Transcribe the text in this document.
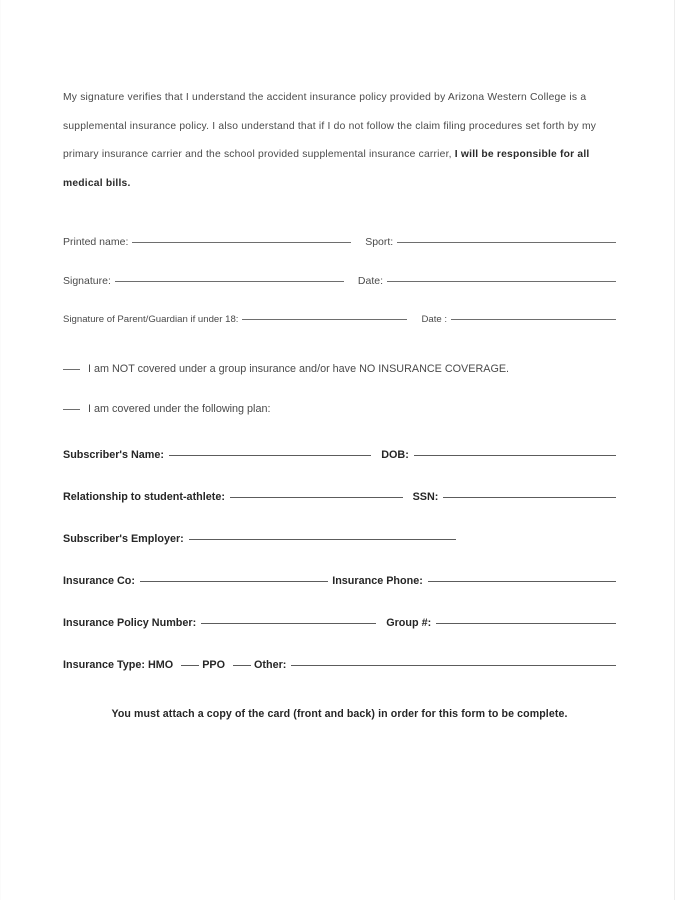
My signature verifies that I understand the accident insurance policy provided by Arizona Western College is a supplemental insurance policy. I also understand that if I do not follow the claim filing procedures set forth by my primary insurance carrier and the school provided supplemental insurance carrier, I will be responsible for all medical bills.

Printed name:	Sport:
Signature:	Date:
Signature of Parent/Guardian if under 18:	Date :
I am NOT covered under a group insurance and/or have NO INSURANCE COVERAGE.
I am covered under the following plan:
Subscriber's Name:	DOB:
Relationship to student-athlete:	SSN:
Subscriber's Employer:
Insurance Co:	Insurance Phone:
Insurance Policy Number:	Group #:
Insurance Type: HMO	PPO	Other:
You must attach a copy of the card (front and back) in order for this form to be complete.
